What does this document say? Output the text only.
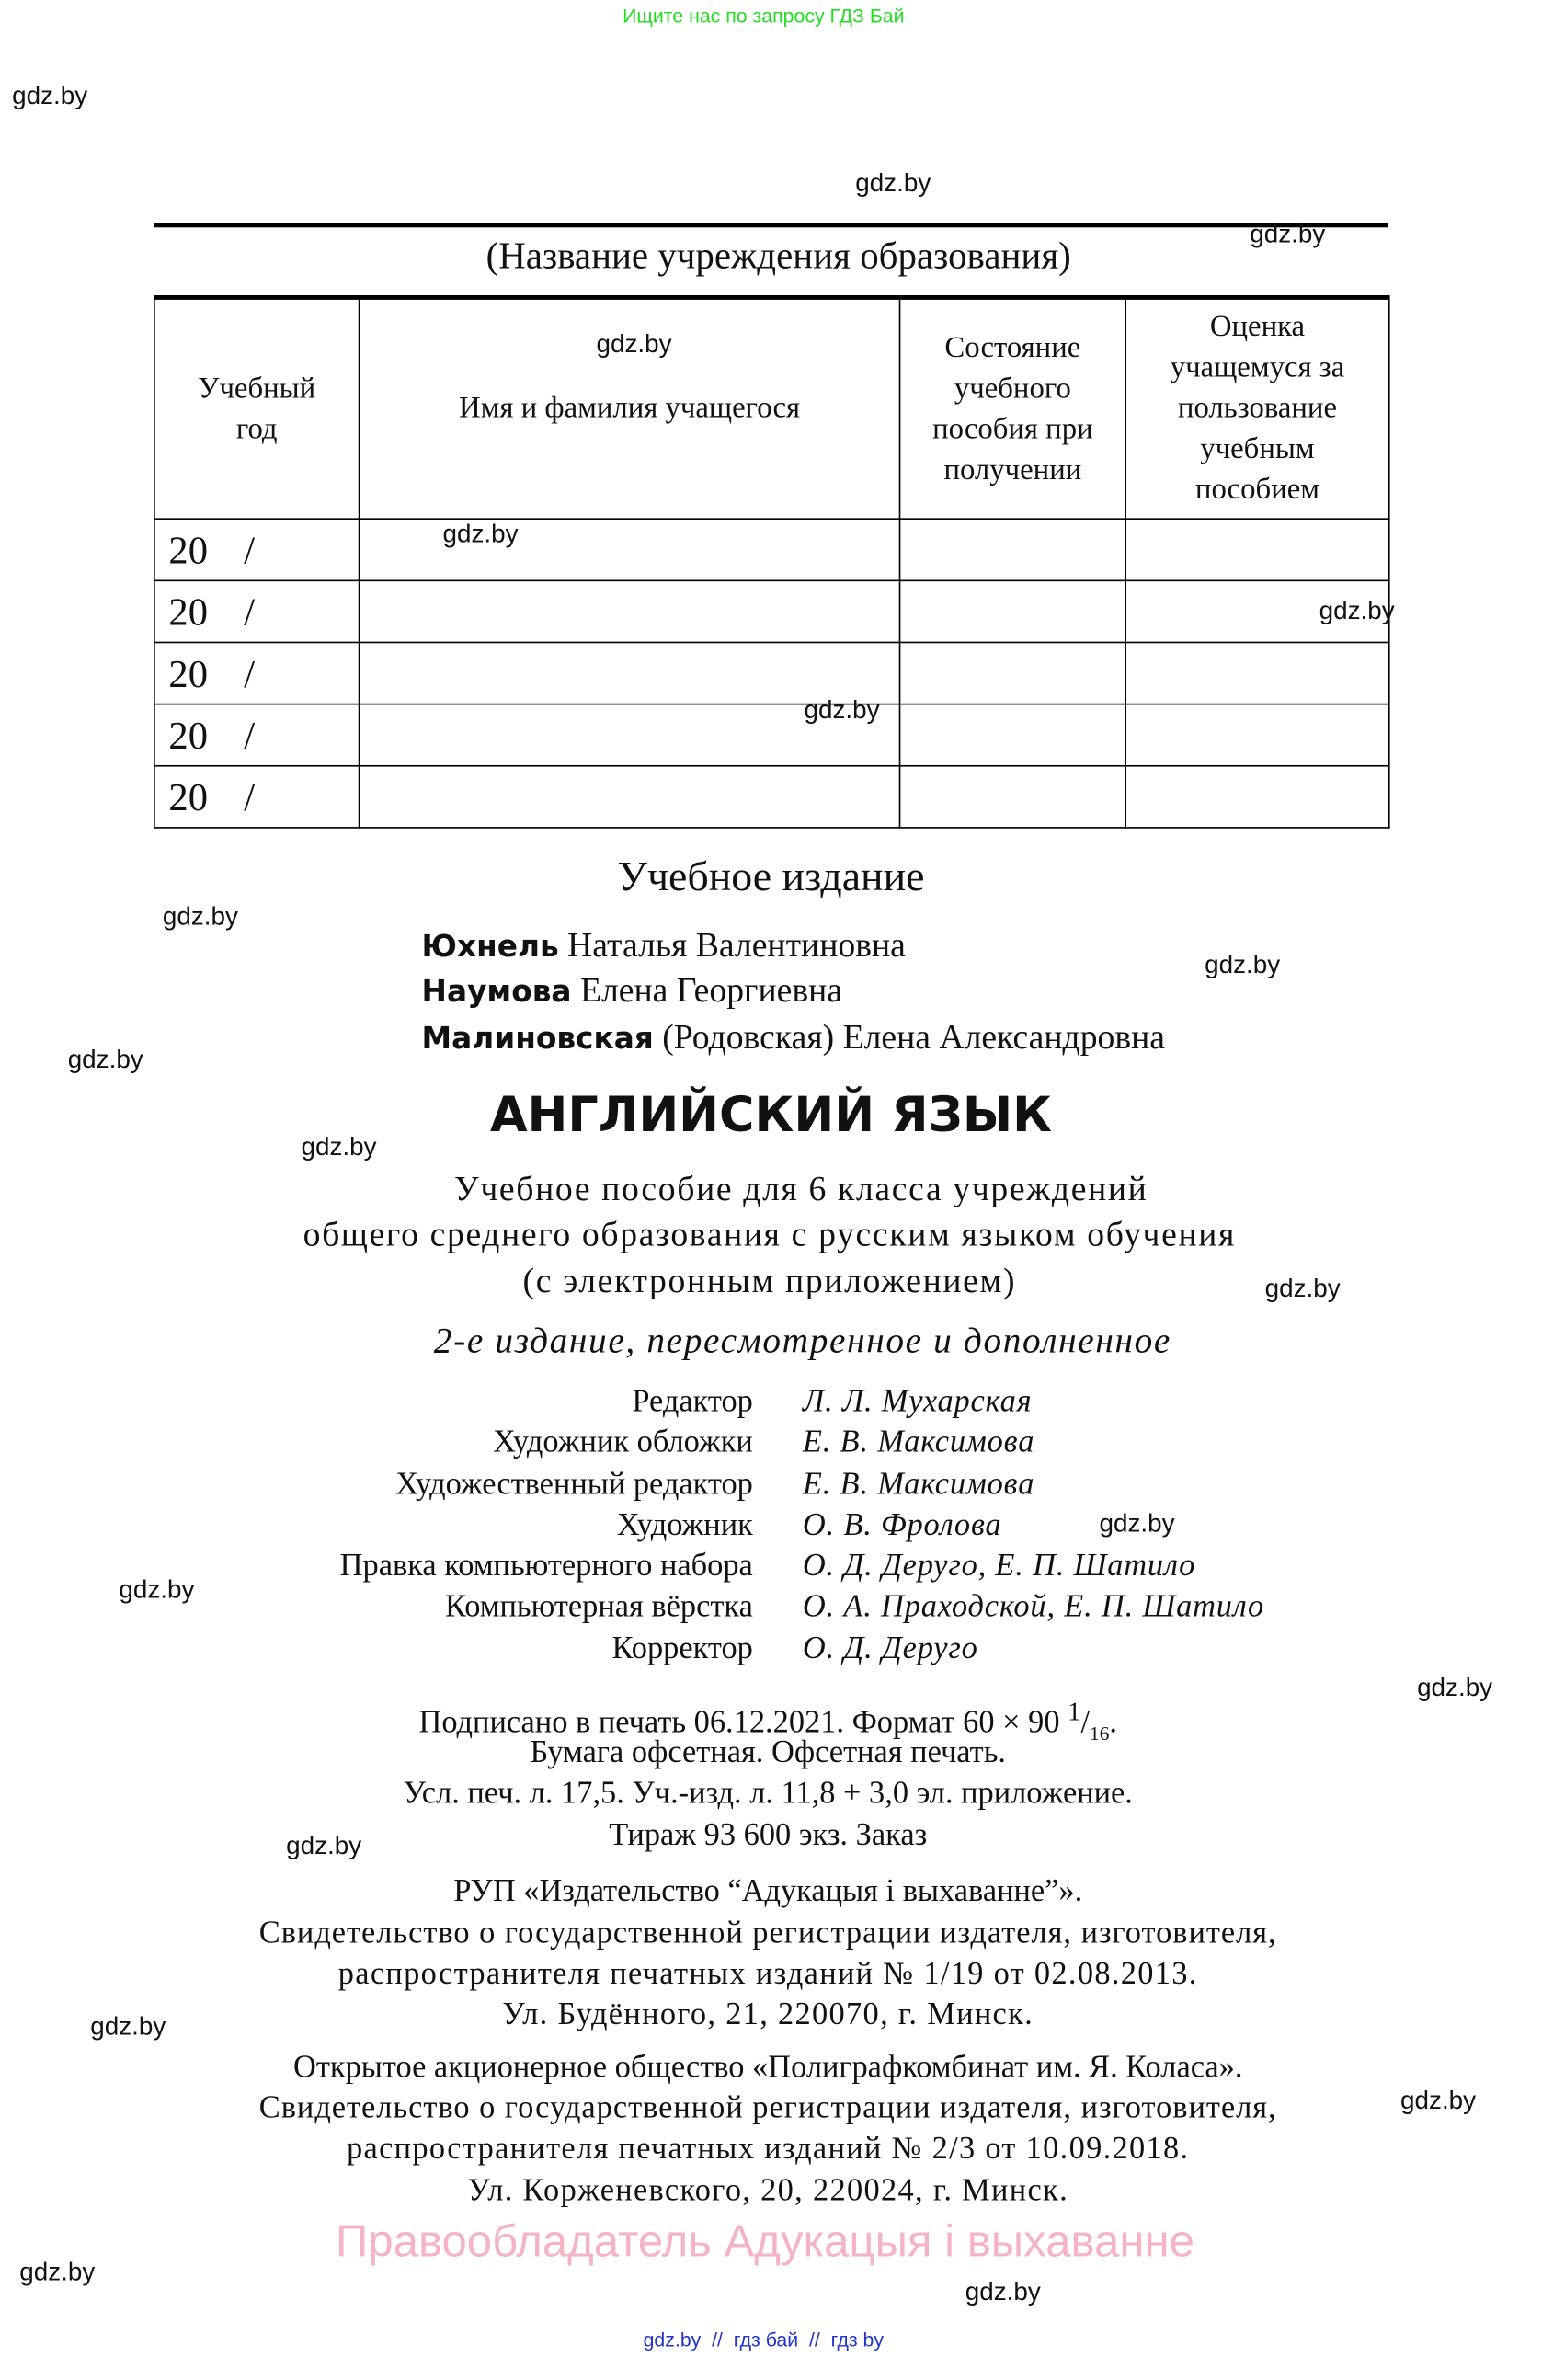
Ищите нас по запросу ГДЗ Бай
gdz.by
gdz.by
gdz.by
gdz.by
gdz.by
gdz.by
gdz.by
gdz.by
gdz.by
gdz.by
gdz.by
gdz.by
gdz.by
gdz.by
gdz.by
gdz.by
gdz.by
gdz.by
gdz.by
gdz.by
(Название учреждения образования)
Учебный год	Имя и фамилия учащегося	Состояние учебного пособия при получении	Оценка учащемуся за пользование учебным пособием
20 /			
20 /			
20 /			
20 /			
20 /			
Учебное издание
Юхнель Наталья Валентиновна
Наумова Елена Георгиевна
Малиновская (Родовская) Елена Александровна
АНГЛИЙСКИЙ ЯЗЫК
Учебное пособие для 6 класса учреждений
общего среднего образования с русским языком обучения
(с электронным приложением)
2-е издание, пересмотренное и дополненное
Редактор	Л. Л. Мухарская
Художник обложки	Е. В. Максимова
Художественный редактор	Е. В. Максимова
Художник	О. В. Фролова
Правка компьютерного набора	О. Д. Деруго, Е. П. Шатило
Компьютерная вёрстка	О. А. Праходской, Е. П. Шатило
Корректор	О. Д. Деруго
Подписано в печать 06.12.2021. Формат 60 × 90 $^1/_{16}$.
Бумага офсетная. Офсетная печать.
Усл. печ. л. 17,5. Уч.-изд. л. 11,8 + 3,0 эл. приложение.
Тираж 93 600 экз. Заказ
РУП «Издательство “Адукацыя і выхаванне”».
Свидетельство о государственной регистрации издателя, изготовителя,
распространителя печатных изданий № 1/19 от 02.08.2013.
Ул. Будённого, 21, 220070, г. Минск.
Открытое акционерное общество «Полиграфкомбинат им. Я. Коласа».
Свидетельство о государственной регистрации издателя, изготовителя,
распространителя печатных изданий № 2/3 от 10.09.2018.
Ул. Корженевского, 20, 220024, г. Минск.
Правообладатель Адукацыя і выхаванне
gdz.by  //  гдз бай  //  гдз by
